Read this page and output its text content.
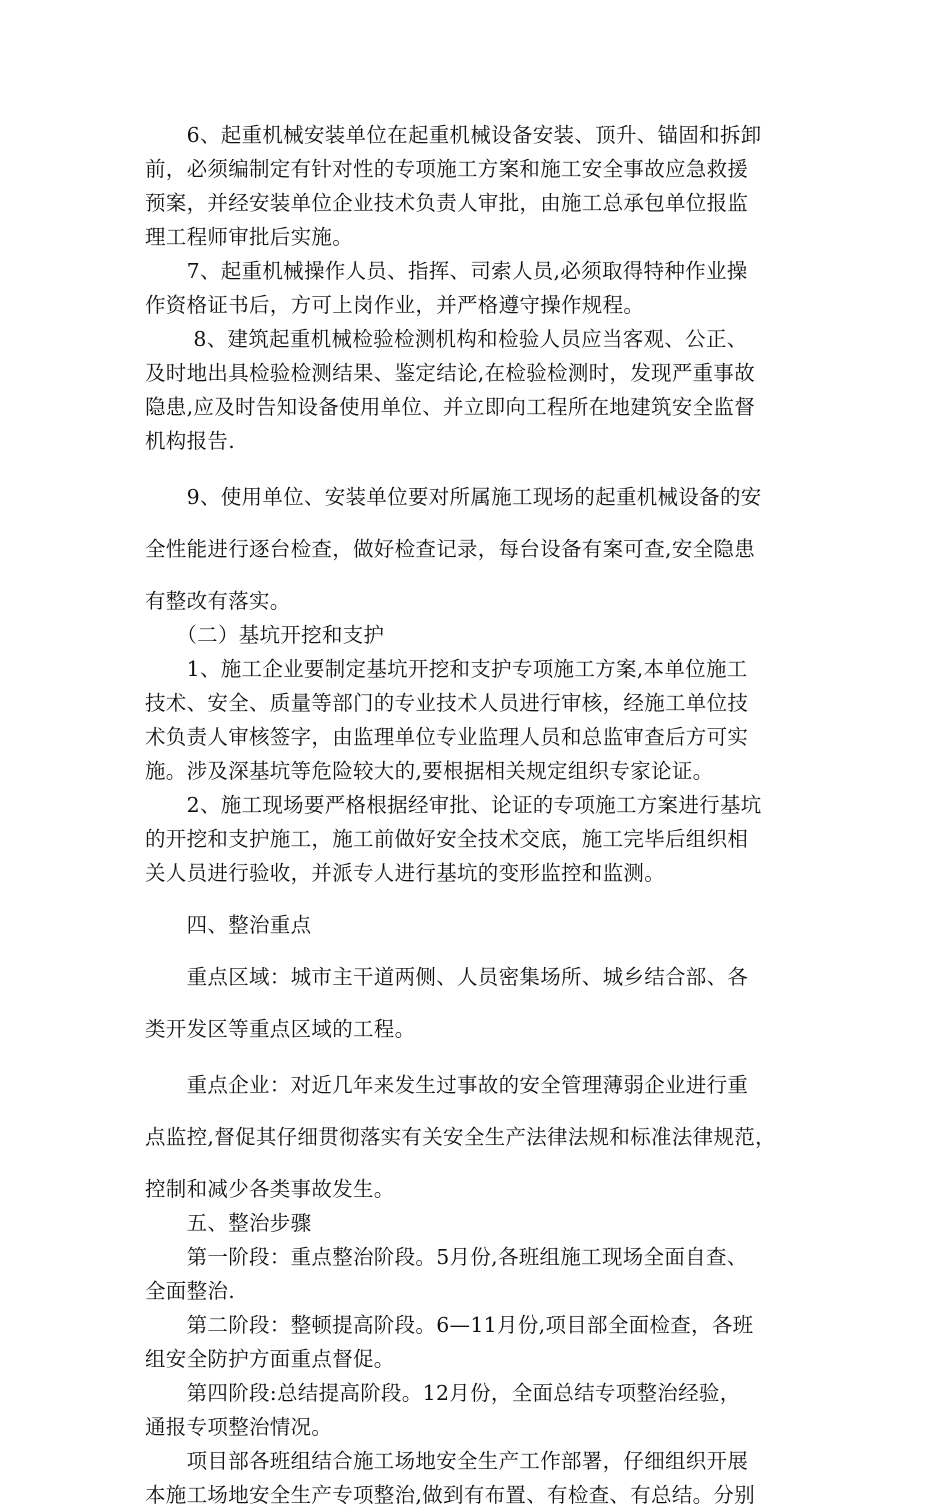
　　6、起重机械安装单位在起重机械设备安装、顶升、锚固和拆卸
前，必须编制定有针对性的专项施工方案和施工安全事故应急救援
预案，并经安装单位企业技术负责人审批，由施工总承包单位报监
理工程师审批后实施。
　　7、起重机械操作人员、指挥、司索人员,必须取得特种作业操
作资格证书后，方可上岗作业，并严格遵守操作规程。
　　 8、建筑起重机械检验检测机构和检验人员应当客观、公正、
及时地出具检验检测结果、鉴定结论,在检验检测时，发现严重事故
隐患,应及时告知设备使用单位、并立即向工程所在地建筑安全监督
机构报告.
　　9、使用单位、安装单位要对所属施工现场的起重机械设备的安
全性能进行逐台检查，做好检查记录，每台设备有案可查,安全隐患
有整改有落实。
　　（二）基坑开挖和支护
　　1、施工企业要制定基坑开挖和支护专项施工方案,本单位施工
技术、安全、质量等部门的专业技术人员进行审核，经施工单位技
术负责人审核签字，由监理单位专业监理人员和总监审查后方可实
施。涉及深基坑等危险较大的,要根据相关规定组织专家论证。
　　2、施工现场要严格根据经审批、论证的专项施工方案进行基坑
的开挖和支护施工，施工前做好安全技术交底，施工完毕后组织相
关人员进行验收，并派专人进行基坑的变形监控和监测。
　　四、整治重点
　　重点区域：城市主干道两侧、人员密集场所、城乡结合部、各
类开发区等重点区域的工程。
　　重点企业：对近几年来发生过事故的安全管理薄弱企业进行重
点监控,督促其仔细贯彻落实有关安全生产法律法规和标准法律规范，
控制和减少各类事故发生。
　　五、整治步骤
　　第一阶段：重点整治阶段。5月份,各班组施工现场全面自查、
全面整治.
　　第二阶段：整顿提高阶段。6—11月份,项目部全面检查，各班
组安全防护方面重点督促。
　　第四阶段:总结提高阶段。12月份，全面总结专项整治经验，
通报专项整治情况。
　　项目部各班组结合施工场地安全生产工作部署，仔细组织开展
本施工场地安全生产专项整治,做到有布置、有检查、有总结。分别
